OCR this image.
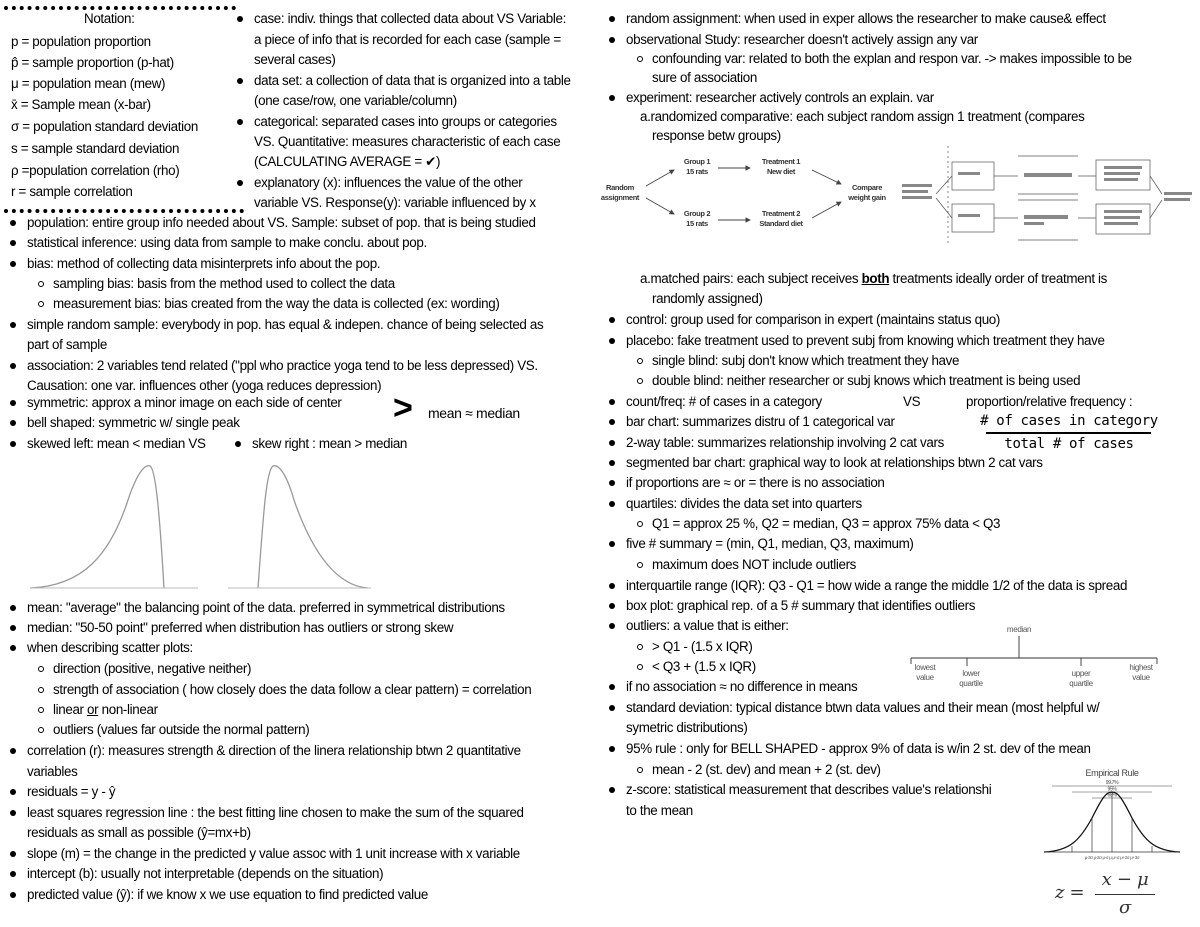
Notation:
p = population proportion
p̂ = sample proportion (p-hat)
μ = population mean (mew)
x̄ = Sample mean (x-bar)
σ = population standard deviation
s = sample standard deviation
ρ =population correlation (rho)
r = sample correlation
case: indiv. things that collected data about VS Variable:
a piece of info that is recorded for each case (sample =
several cases)
data set: a collection of data that is organized into a table
(one case/row, one variable/column)
categorical: separated cases into groups or categories
VS. Quantitative: measures characteristic of each case
(CALCULATING AVERAGE = ✔)
explanatory (x): influences the value of the other
variable VS. Response(y): variable influenced by x
population: entire group info needed about VS. Sample: subset of pop. that is being studied
statistical inference: using data from sample to make conclu. about pop.
bias: method of collecting data misinterprets info about the pop.
sampling bias: basis from the method used to collect the data
measurement bias: bias created from the way the data is collected (ex: wording)
simple random sample: everybody in pop. has equal & indepen. chance of being selected as
part of sample
association: 2 variables tend related ("ppl who practice yoga tend to be less depressed) VS.
Causation: one var. influences other (yoga reduces depression)
symmetric: approx a minor image on each side of center
bell shaped: symmetric w/ single peak	> mean ≈ median
skewed left: mean < median VS	skew right : mean > median
mean: "average" the balancing point of the data. preferred in symmetrical distributions
median: "50-50 point" preferred when distribution has outliers or strong skew
when describing scatter plots:
direction (positive, negative neither)
strength of association ( how closely does the data follow a clear pattern) = correlation
linear or non-linear
outliers (values far outside the normal pattern)
correlation (r): measures strength & direction of the linera relationship btwn 2 quantitative
variables
residuals = y - ŷ
least squares regression line : the best fitting line chosen to make the sum of the squared
residuals as small as possible (ŷ=mx+b)
slope (m) = the change in the predicted y value assoc with 1 unit increase with x variable
intercept (b): usually not interpretable (depends on the situation)
predicted value (ŷ): if we know x we use equation to find predicted value
random assignment: when used in exper allows the researcher to make cause& effect
observational Study: researcher doesn't actively assign any var
confounding var: related to both the explan and respon var. -> makes impossible to be
sure of association
experiment: researcher actively controls an explain. var
a.randomized comparative: each subject random assign 1 treatment (compares
response betw groups)
Random
assignment
Group 1
15 rats
Group 2
15 rats
Treatment 1
New diet
Treatment 2
Standard diet
Compare
weight gain
a.matched pairs: each subject receives both treatments ideally order of treatment is
randomly assigned)
control: group used for comparison in expert (maintains status quo)
placebo: fake treatment used to prevent subj from knowing which treatment they have
single blind: subj don't know which treatment they have
double blind: neither researcher or subj knows which treatment is being used
count/freq: # of cases in a category	VS	proportion/relative frequency :
# of cases in category
total # of cases
bar chart: summarizes distru of 1 categorical var
2-way table: summarizes relationship involving 2 cat vars
segmented bar chart: graphical way to look at relationships btwn 2 cat vars
if proportions are ≈ or = there is no association
quartiles: divides the data set into quarters
Q1 = approx 25 %, Q2 = median, Q3 = approx 75% data < Q3
five # summary = (min, Q1, median, Q3, maximum)
maximum does NOT include outliers
interquartile range (IQR): Q3 - Q1 = how wide a range the middle 1/2 of the data is spread
box plot: graphical rep. of a 5 # summary that identifies outliers
outliers: a value that is either:
> Q1 - (1.5 x IQR)
< Q3 + (1.5 x IQR)
if no association ≈ no difference in means
median
lowest
value	lower
quartile
upper
quartile
highest
value
standard deviation: typical distance btwn data values and their mean (most helpful w/
symetric distributions)
95% rule : only for BELL SHAPED - approx 9% of data is w/in 2 st. dev of the mean
mean - 2 (st. dev) and mean + 2 (st. dev)
z-score: statistical measurement that describes value's relationshi
to the mean
Empirical Rule
99.7%
95%
68%
μ-3σ μ-2σ μ-σ μ μ+σ μ+2σ μ+3σ
z =
x − μ
σ
